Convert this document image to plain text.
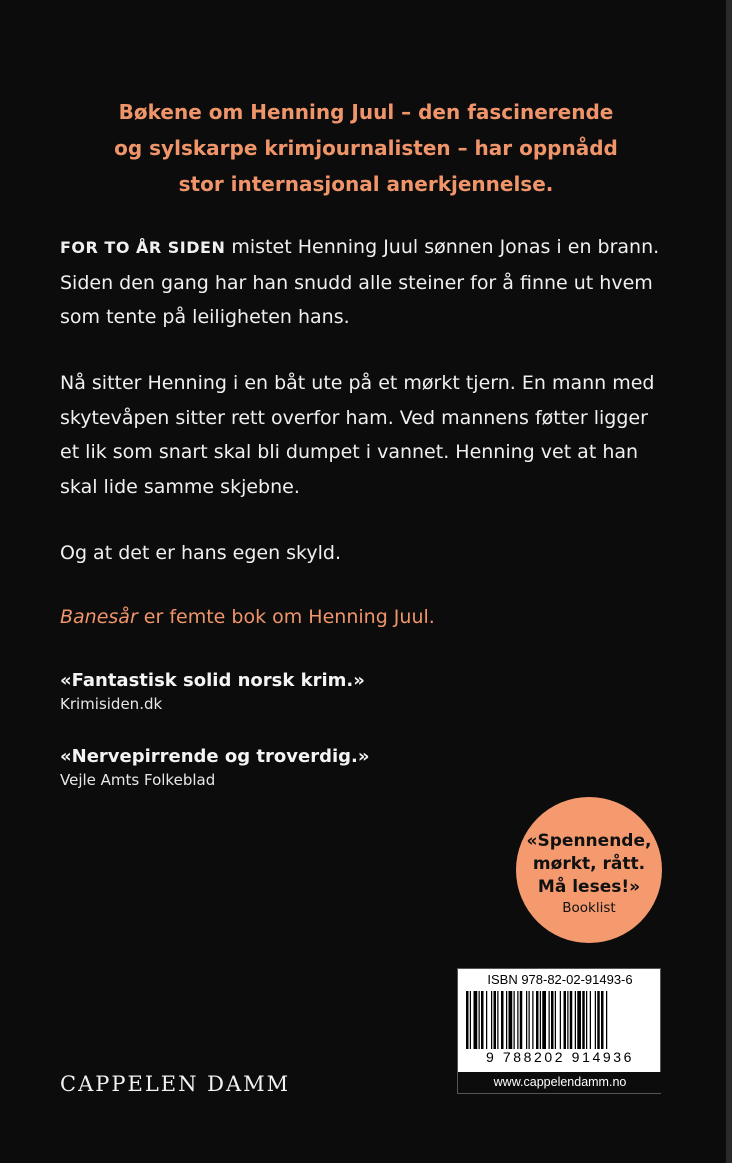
Bøkene om Henning Juul – den fascinerende
og sylskarpe krimjournalisten – har oppnådd
stor internasjonal anerkjennelse.

FOR TO ÅR SIDEN mistet Henning Juul sønnen Jonas i en brann.
Siden den gang har han snudd alle steiner for å finne ut hvem
som tente på leiligheten hans.

Nå sitter Henning i en båt ute på et mørkt tjern. En mann med
skytevåpen sitter rett overfor ham. Ved mannens føtter ligger
et lik som snart skal bli dumpet i vannet. Henning vet at han
skal lide samme skjebne.

Og at det er hans egen skyld.

Banesår er femte bok om Henning Juul.

«Fantastisk solid norsk krim.»
Krimisiden.dk
«Nervepirrende og troverdig.»
Vejle Amts Folkeblad
«Spennende,
mørkt, rått.
Må leses!»
Booklist
ISBN 978-82-02-91493-6
9 788202 914936
www.cappelendamm.no
CAPPELEN DAMM
